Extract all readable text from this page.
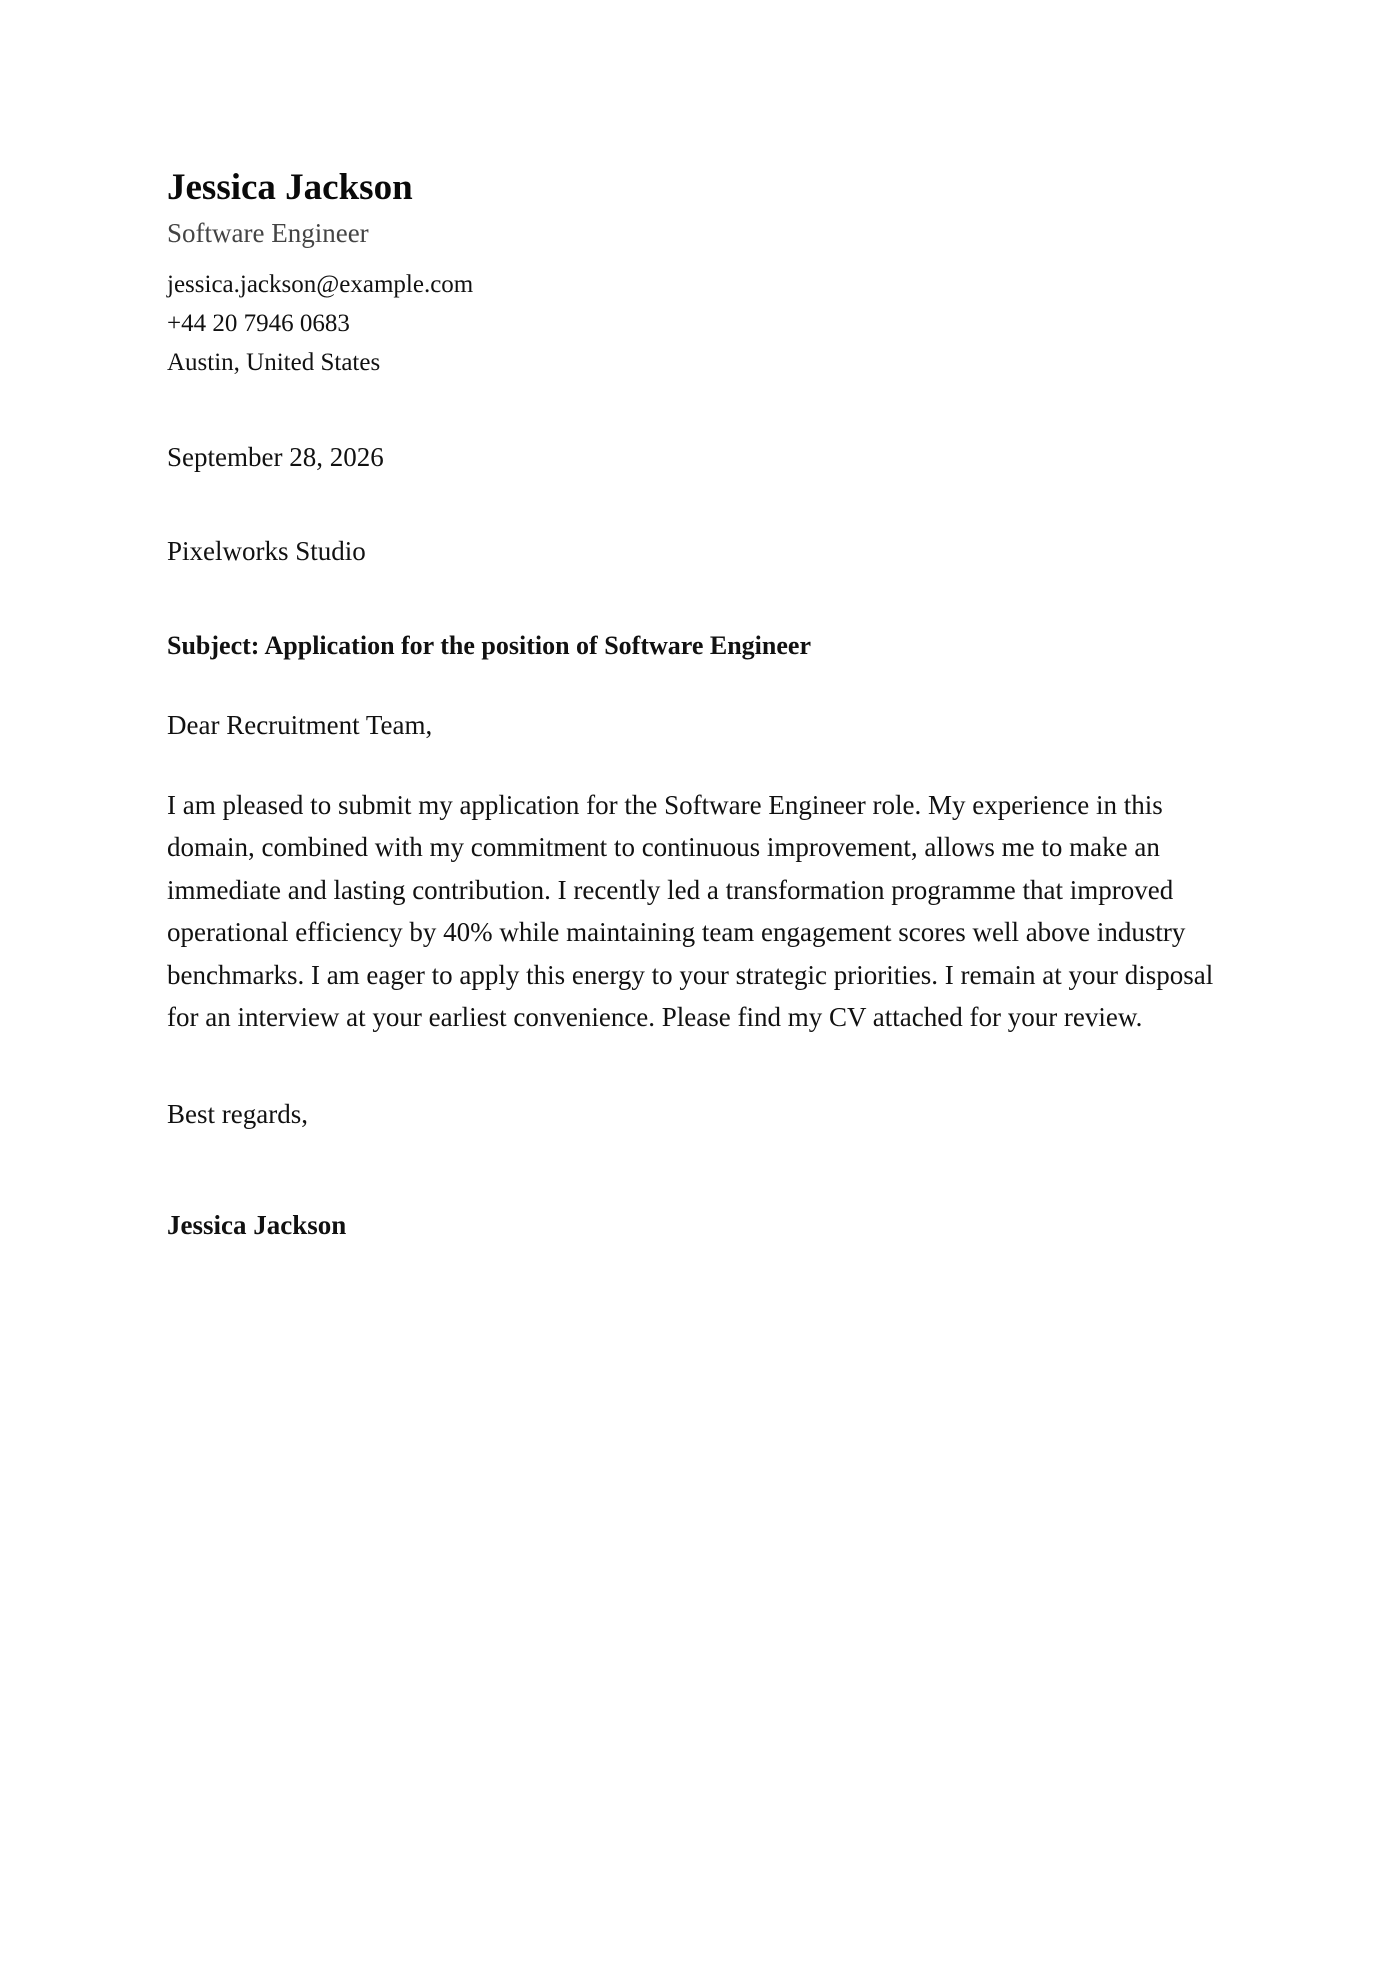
Jessica Jackson
Software Engineer
jessica.jackson@example.com
+44 20 7946 0683
Austin, United States
September 28, 2026
Pixelworks Studio
Subject: Application for the position of Software Engineer
Dear Recruitment Team,
I am pleased to submit my application for the Software Engineer role. My experience in this domain, combined with my commitment to continuous improvement, allows me to make an immediate and lasting contribution. I recently led a transformation programme that improved operational efficiency by 40% while maintaining team engagement scores well above industry benchmarks. I am eager to apply this energy to your strategic priorities. I remain at your disposal for an interview at your earliest convenience. Please find my CV attached for your review.
Best regards,
Jessica Jackson
